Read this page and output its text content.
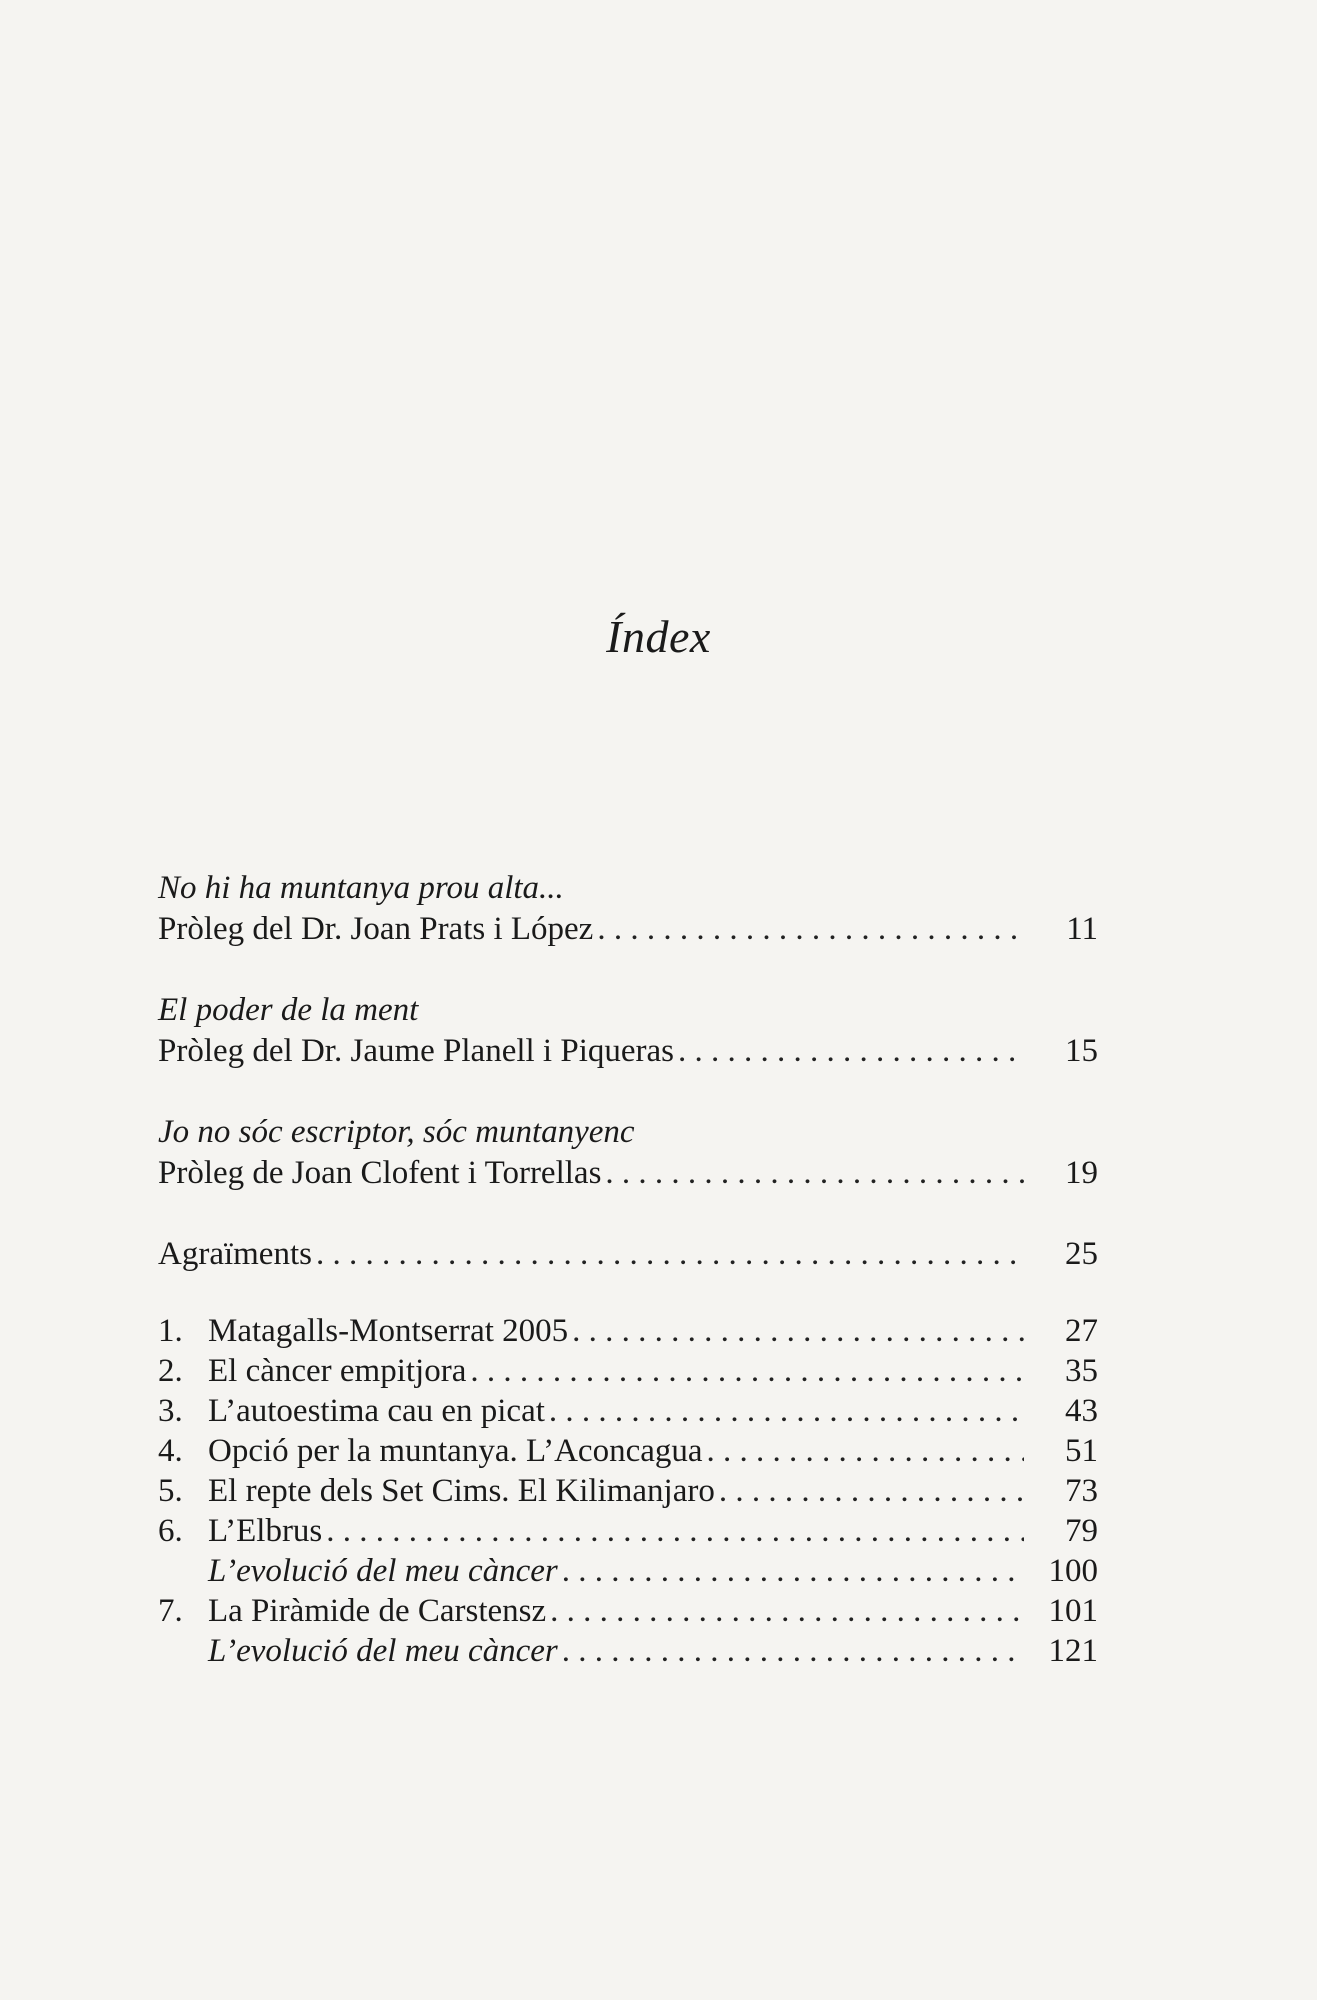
Índex
No hi ha muntanya prou alta...
Pròleg del Dr. Joan Prats i López . . .	11
El poder de la ment
Pròleg del Dr. Jaume Planell i Piqueras . . .	15
Jo no sóc escriptor, sóc muntanyenc
Pròleg de Joan Clofent i Torrellas . . .	19
Agraïments . . .	25
1. Matagalls-Montserrat 2005 . . .	27
2. El càncer empitjora . . .	35
3. L’autoestima cau en picat . . .	43
4. Opció per la muntanya. L’Aconcagua . . .	51
5. El repte dels Set Cims. El Kilimanjaro . . .	73
6. L’Elbrus . . .	79
L’evolució del meu càncer . . .	100
7. La Piràmide de Carstensz . . .	101
L’evolució del meu càncer . . .	121
